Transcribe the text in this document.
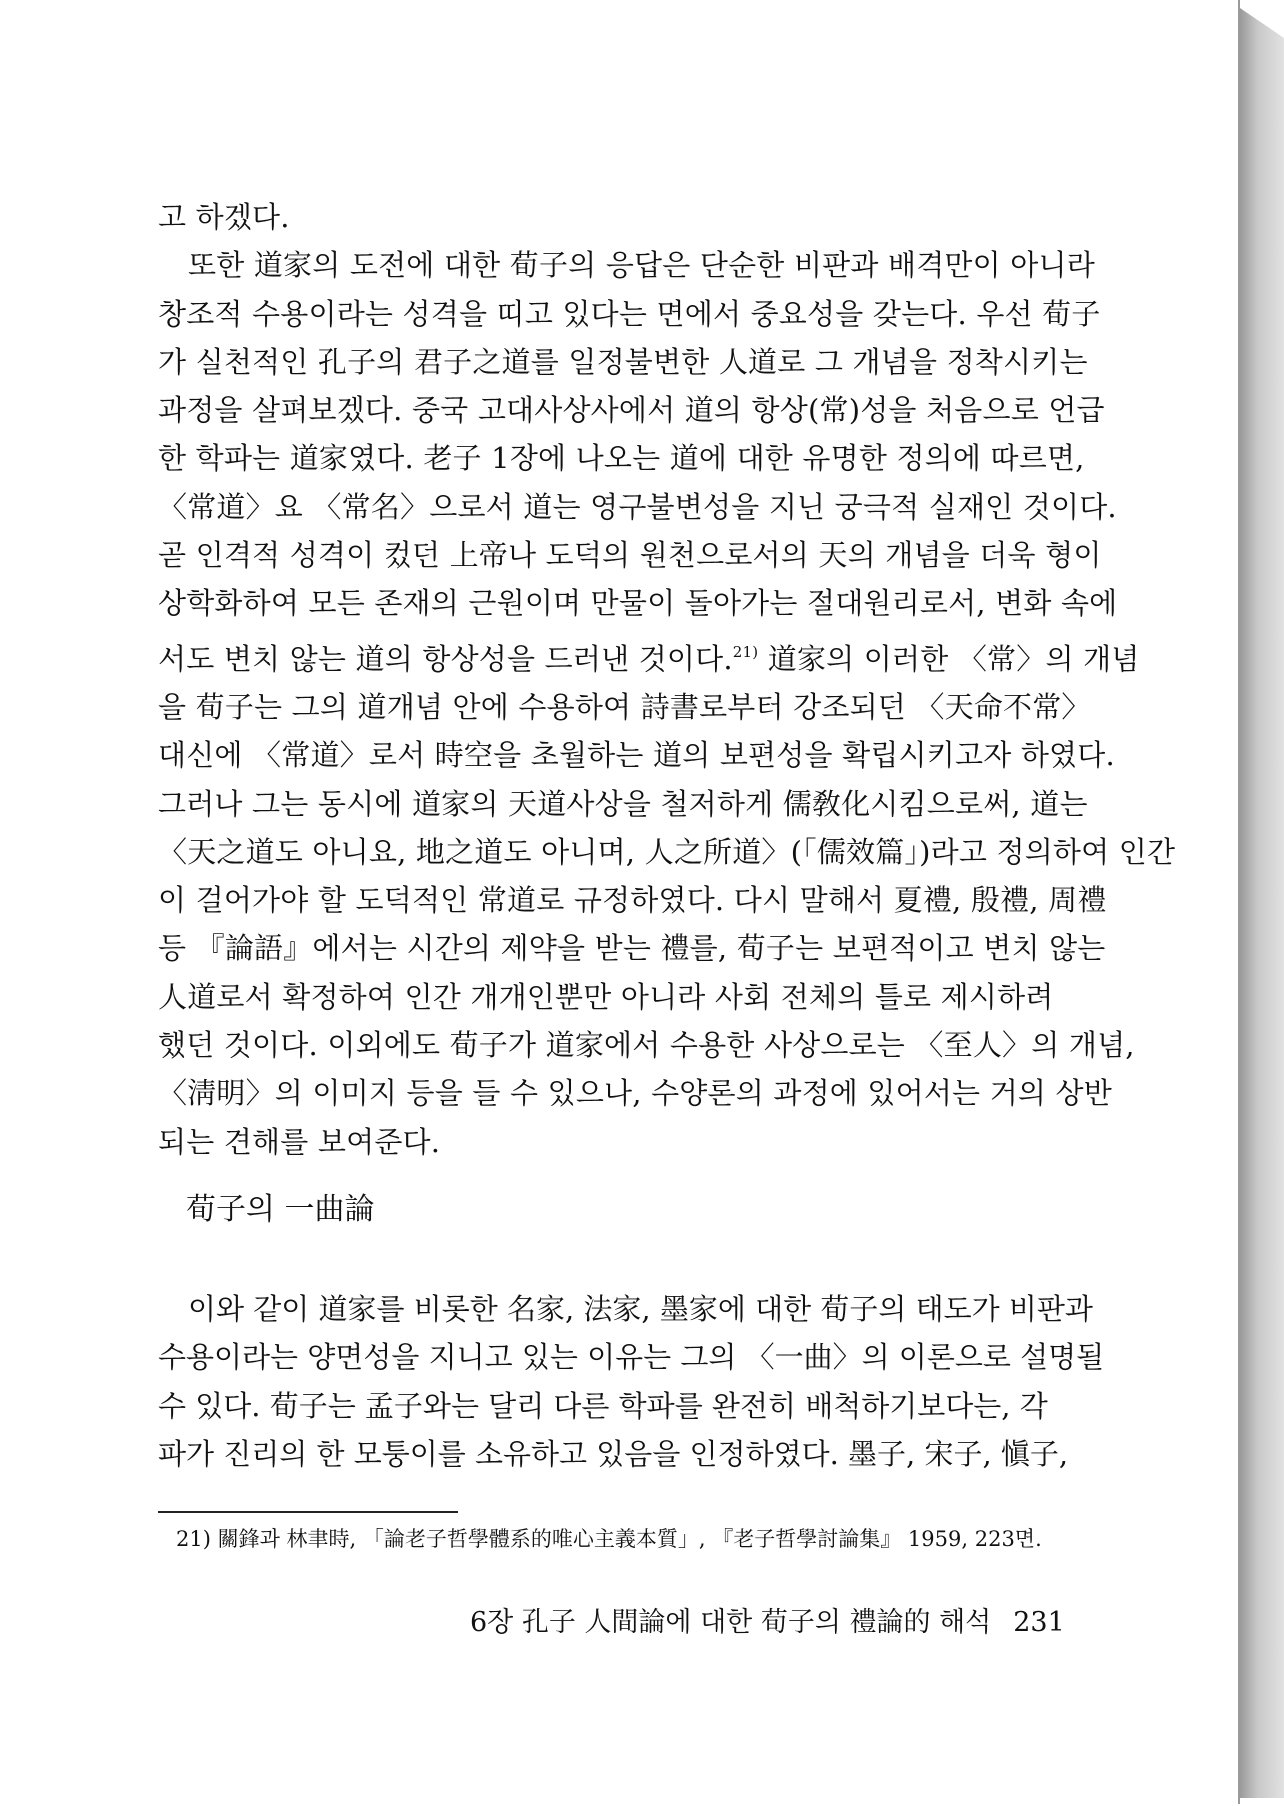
고 하겠다.

또한 道家의 도전에 대한 荀子의 응답은 단순한 비판과 배격만이 아니라
창조적 수용이라는 성격을 띠고 있다는 면에서 중요성을 갖는다. 우선 荀子
가 실천적인 孔子의 君子之道를 일정불변한 人道로 그 개념을 정착시키는
과정을 살펴보겠다. 중국 고대사상사에서 道의 항상(常)성을 처음으로 언급
한 학파는 道家였다. 老子 1장에 나오는 道에 대한 유명한 정의에 따르면,
〈常道〉요 〈常名〉으로서 道는 영구불변성을 지닌 궁극적 실재인 것이다.
곧 인격적 성격이 컸던 上帝나 도덕의 원천으로서의 天의 개념을 더욱 형이
상학화하여 모든 존재의 근원이며 만물이 돌아가는 절대원리로서, 변화 속에
서도 변치 않는 道의 항상성을 드러낸 것이다.$^{21)}$ 道家의 이러한 〈常〉의 개념
을 荀子는 그의 道개념 안에 수용하여 詩書로부터 강조되던 〈天命不常〉
대신에 〈常道〉로서 時空을 초월하는 道의 보편성을 확립시키고자 하였다.
그러나 그는 동시에 道家의 天道사상을 철저하게 儒敎化시킴으로써, 道는
〈天之道도 아니요, 地之道도 아니며, 人之所道〉(「儒效篇」)라고 정의하여 인간
이 걸어가야 할 도덕적인 常道로 규정하였다. 다시 말해서 夏禮, 殷禮, 周禮
등 『論語』에서는 시간의 제약을 받는 禮를, 荀子는 보편적이고 변치 않는
人道로서 확정하여 인간 개개인뿐만 아니라 사회 전체의 틀로 제시하려
했던 것이다. 이외에도 荀子가 道家에서 수용한 사상으로는 〈至人〉의 개념,
〈淸明〉의 이미지 등을 들 수 있으나, 수양론의 과정에 있어서는 거의 상반
되는 견해를 보여준다.

荀子의 一曲論
이와 같이 道家를 비롯한 名家, 法家, 墨家에 대한 荀子의 태도가 비판과
수용이라는 양면성을 지니고 있는 이유는 그의 〈一曲〉의 이론으로 설명될
수 있다. 荀子는 孟子와는 달리 다른 학파를 완전히 배척하기보다는, 각
파가 진리의 한 모퉁이를 소유하고 있음을 인정하였다. 墨子, 宋子, 愼子,
21) 關鋒과 林聿時, 「論老子哲學體系的唯心主義本質」, 『老子哲學討論集』 1959, 223면.
6장 孔子 人間論에 대한 荀子의 禮論的 해석 231
